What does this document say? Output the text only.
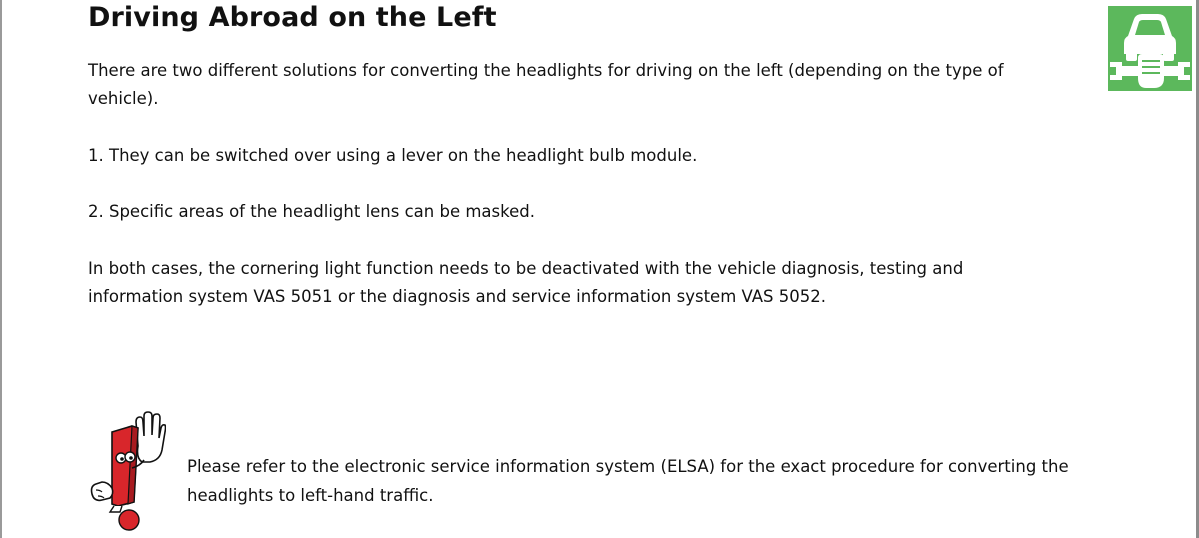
Driving Abroad on the Left

There are two different solutions for converting the headlights for driving on the left (depending on the type of vehicle).

1. They can be switched over using a lever on the headlight bulb module.

2. Specific areas of the headlight lens can be masked.

In both cases, the cornering light function needs to be deactivated with the vehicle diagnosis, testing and information system VAS 5051 or the diagnosis and service information system VAS 5052.

Please refer to the electronic service information system (ELSA) for the exact procedure for converting the headlights to left-hand traffic.
